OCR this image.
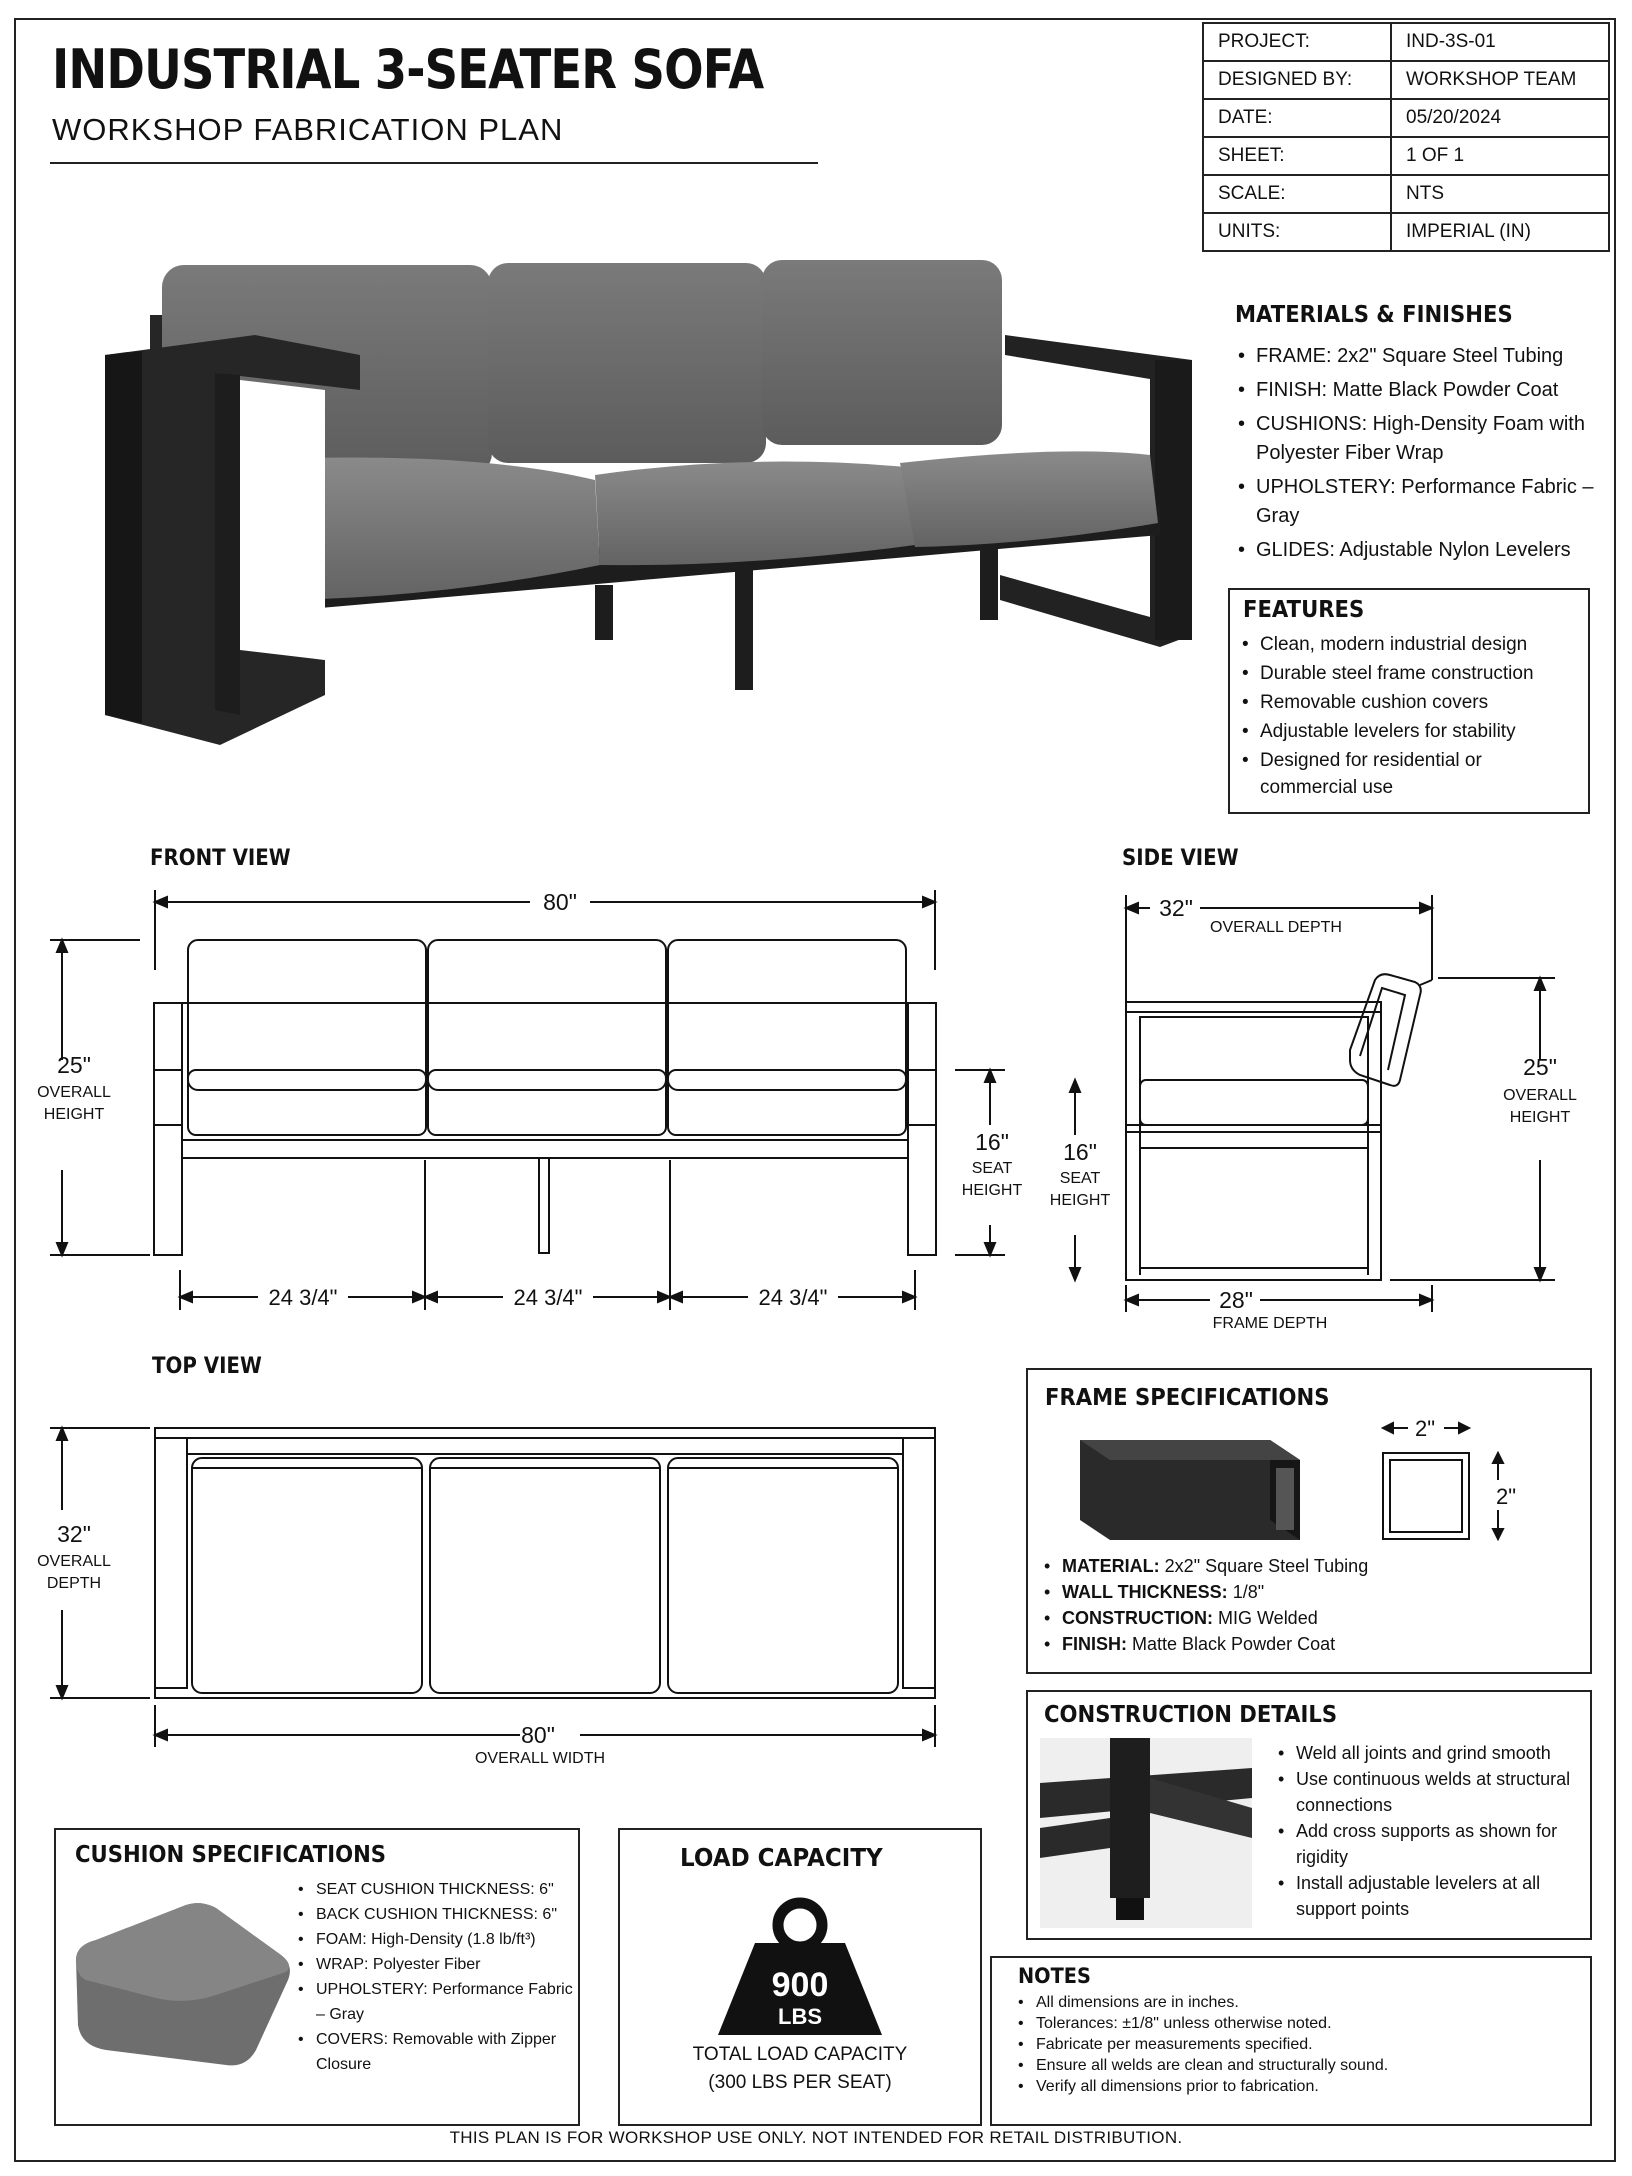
INDUSTRIAL 3-SEATER SOFA
WORKSHOP FABRICATION PLAN
PROJECT:	IND-3S-01
DESIGNED BY:	WORKSHOP TEAM
DATE:	05/20/2024
SHEET:	1 OF 1
SCALE:	NTS
UNITS:	IMPERIAL (IN)
MATERIALS & FINISHES
• FRAME: 2x2" Square Steel Tubing
• FINISH: Matte Black Powder Coat
• CUSHIONS: High-Density Foam with Polyester Fiber Wrap
• UPHOLSTERY: Performance Fabric – Gray
• GLIDES: Adjustable Nylon Levelers
FEATURES
• Clean, modern industrial design
• Durable steel frame construction
• Removable cushion covers
• Adjustable levelers for stability
• Designed for residential or commercial use
FRONT VIEW
80"
25"
OVERALL
HEIGHT
16"
SEAT
HEIGHT
24 3/4"	24 3/4"	24 3/4"
SIDE VIEW
32"
OVERALL DEPTH
16"
SEAT
HEIGHT
25"
OVERALL
HEIGHT
28"
FRAME DEPTH
TOP VIEW
32"
OVERALL
DEPTH
80"
OVERALL WIDTH
FRAME SPECIFICATIONS
2"
2"
• MATERIAL: 2x2" Square Steel Tubing
• WALL THICKNESS: 1/8"
• CONSTRUCTION: MIG Welded
• FINISH: Matte Black Powder Coat
CONSTRUCTION DETAILS
• Weld all joints and grind smooth
• Use continuous welds at structural connections
• Add cross supports as shown for rigidity
• Install adjustable levelers at all support points
CUSHION SPECIFICATIONS
• SEAT CUSHION THICKNESS: 6"
• BACK CUSHION THICKNESS: 6"
• FOAM: High-Density (1.8 lb/ft³)
• WRAP: Polyester Fiber
• UPHOLSTERY: Performance Fabric – Gray
• COVERS: Removable with Zipper Closure
LOAD CAPACITY
900
LBS
TOTAL LOAD CAPACITY
(300 LBS PER SEAT)
NOTES
• All dimensions are in inches.
• Tolerances: ±1/8" unless otherwise noted.
• Fabricate per measurements specified.
• Ensure all welds are clean and structurally sound.
• Verify all dimensions prior to fabrication.
THIS PLAN IS FOR WORKSHOP USE ONLY. NOT INTENDED FOR RETAIL DISTRIBUTION.
